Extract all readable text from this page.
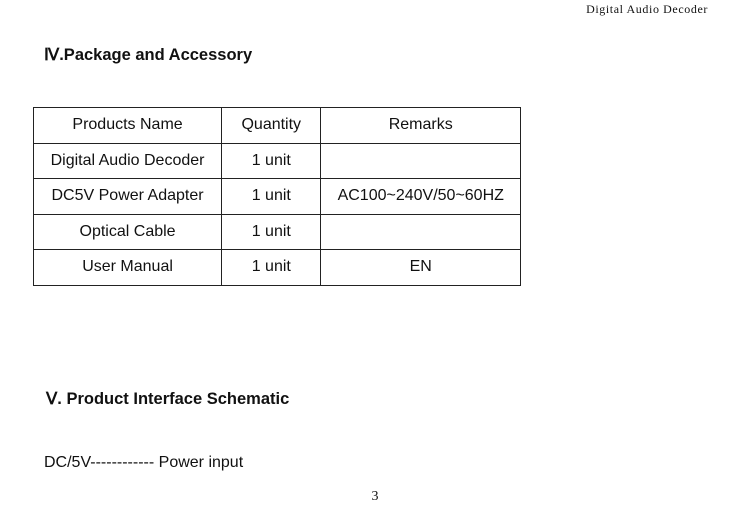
Digital Audio Decoder
Ⅳ.Package and Accessory
Products Name	Quantity	Remarks
Digital Audio Decoder	1 unit	
DC5V Power Adapter	1 unit	AC100~240V/50~60HZ
Optical Cable	1 unit	
User Manual	1 unit	EN
Ⅴ. Product Interface Schematic
DC/5V------------ Power input
3
